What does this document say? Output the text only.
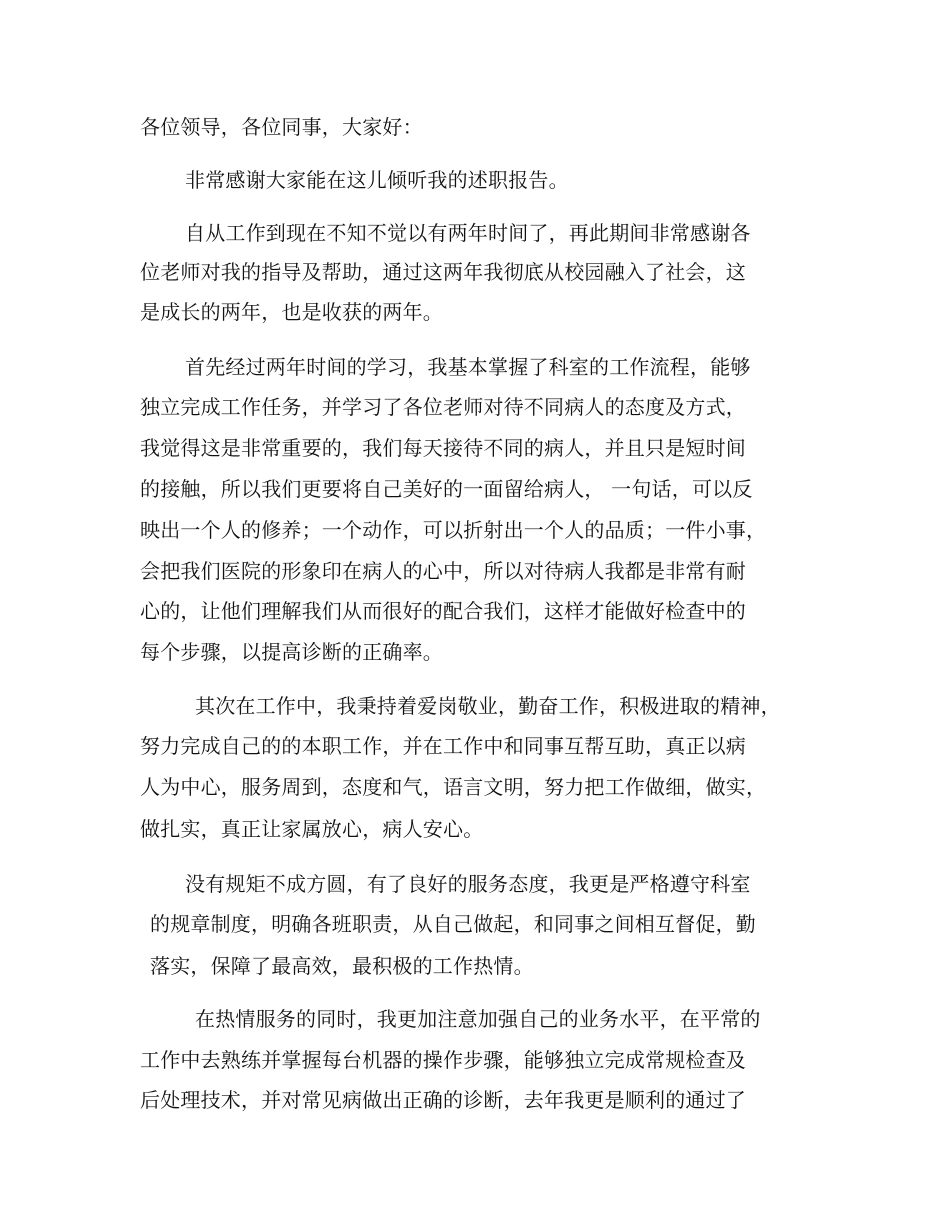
各位领导，各位同事，大家好：
非常感谢大家能在这儿倾听我的述职报告。
自从工作到现在不知不觉以有两年时间了，再此期间非常感谢各
位老师对我的指导及帮助，通过这两年我彻底从校园融入了社会，这
是成长的两年，也是收获的两年。
首先经过两年时间的学习，我基本掌握了科室的工作流程，能够
独立完成工作任务，并学习了各位老师对待不同病人的态度及方式，
我觉得这是非常重要的，我们每天接待不同的病人，并且只是短时间
的接触，所以我们更要将自己美好的一面留给病人， 一句话，可以反
映出一个人的修养；一个动作，可以折射出一个人的品质；一件小事，
会把我们医院的形象印在病人的心中，所以对待病人我都是非常有耐
心的，让他们理解我们从而很好的配合我们，这样才能做好检查中的
每个步骤，以提高诊断的正确率。
其次在工作中，我秉持着爱岗敬业，勤奋工作，积极进取的精神，
努力完成自己的的本职工作，并在工作中和同事互帮互助，真正以病
人为中心，服务周到，态度和气，语言文明，努力把工作做细，做实，
做扎实，真正让家属放心，病人安心。
没有规矩不成方圆，有了良好的服务态度，我更是严格遵守科室
的规章制度，明确各班职责，从自己做起，和同事之间相互督促，勤
落实，保障了最高效，最积极的工作热情。
在热情服务的同时，我更加注意加强自己的业务水平，在平常的
工作中去熟练并掌握每台机器的操作步骤，能够独立完成常规检查及
后处理技术，并对常见病做出正确的诊断，去年我更是顺利的通过了
